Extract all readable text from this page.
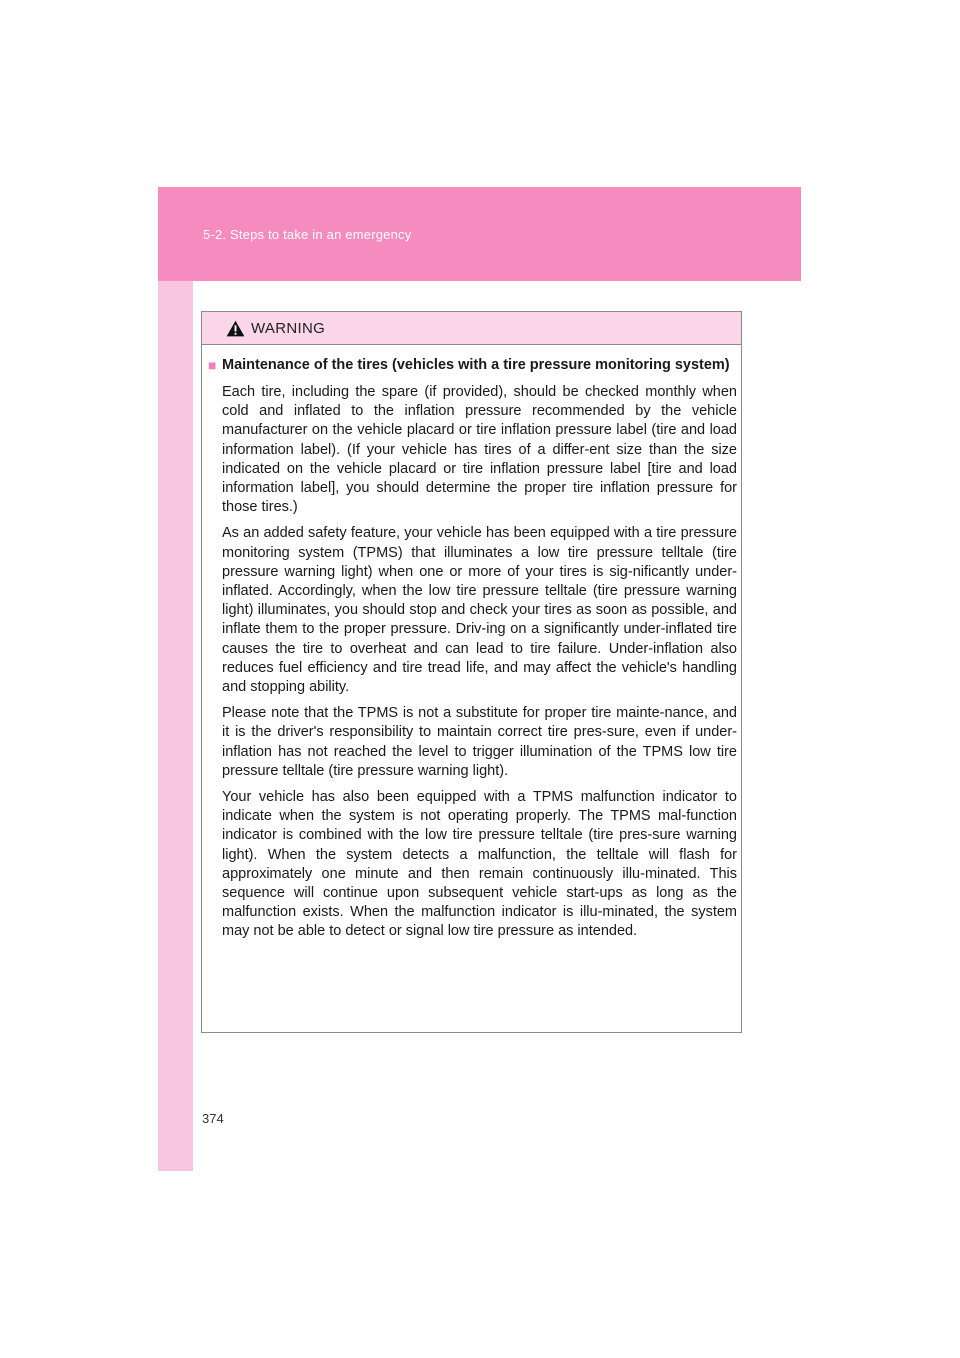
5-2. Steps to take in an emergency
WARNING
■ Maintenance of the tires (vehicles with a tire pressure monitoring system)

Each tire, including the spare (if provided), should be checked monthly when cold and inflated to the inflation pressure recommended by the vehicle manufacturer on the vehicle placard or tire inflation pressure label (tire and load information label). (If your vehicle has tires of a differ-ent size than the size indicated on the vehicle placard or tire inflation pressure label [tire and load information label], you should determine the proper tire inflation pressure for those tires.)

As an added safety feature, your vehicle has been equipped with a tire pressure monitoring system (TPMS) that illuminates a low tire pressure telltale (tire pressure warning light) when one or more of your tires is sig-nificantly under-inflated. Accordingly, when the low tire pressure telltale (tire pressure warning light) illuminates, you should stop and check your tires as soon as possible, and inflate them to the proper pressure. Driv-ing on a significantly under-inflated tire causes the tire to overheat and can lead to tire failure. Under-inflation also reduces fuel efficiency and tire tread life, and may affect the vehicle's handling and stopping ability.

Please note that the TPMS is not a substitute for proper tire mainte-nance, and it is the driver's responsibility to maintain correct tire pres-sure, even if under-inflation has not reached the level to trigger illumination of the TPMS low tire pressure telltale (tire pressure warning light).

Your vehicle has also been equipped with a TPMS malfunction indicator to indicate when the system is not operating properly. The TPMS mal-function indicator is combined with the low tire pressure telltale (tire pres-sure warning light). When the system detects a malfunction, the telltale will flash for approximately one minute and then remain continuously illu-minated. This sequence will continue upon subsequent vehicle start-ups as long as the malfunction exists. When the malfunction indicator is illu-minated, the system may not be able to detect or signal low tire pressure as intended.

374
